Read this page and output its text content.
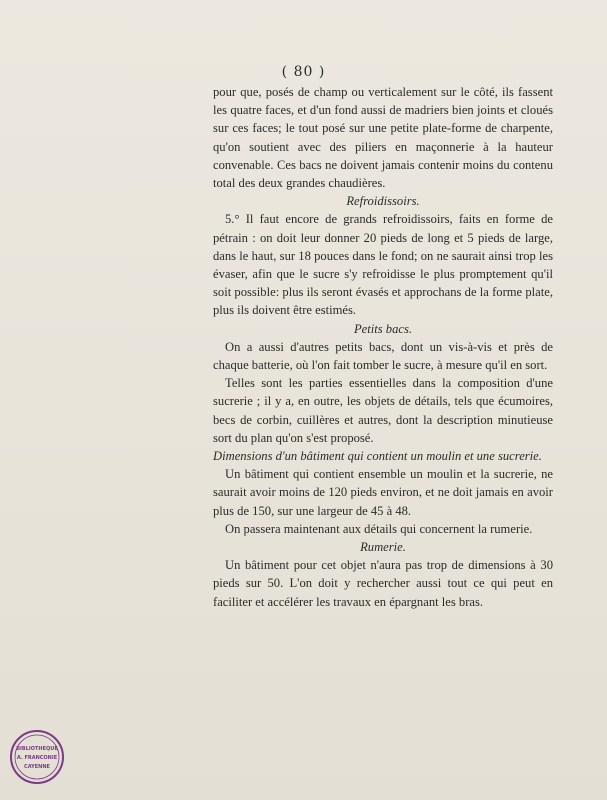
( 80 )

pour que, posés de champ ou verticalement sur le côté, ils fassent les quatre faces, et d'un fond aussi de madriers bien joints et cloués sur ces faces; le tout posé sur une petite plate-forme de charpente, qu'on soutient avec des piliers en maçonnerie à la hauteur convenable. Ces bacs ne doivent jamais contenir moins du contenu total des deux grandes chaudières.

Refroidissoirs.

5.° Il faut encore de grands refroidissoirs, faits en forme de pétrain : on doit leur donner 20 pieds de long et 5 pieds de large, dans le haut, sur 18 pouces dans le fond; on ne saurait ainsi trop les évaser, afin que le sucre s'y refroidisse le plus promptement qu'il soit possible: plus ils seront évasés et approchans de la forme plate, plus ils doivent être estimés.

Petits bacs.

On a aussi d'autres petits bacs, dont un vis-à-vis et près de chaque batterie, où l'on fait tomber le sucre, à mesure qu'il en sort.

Telles sont les parties essentielles dans la composition d'une sucrerie ; il y a, en outre, les objets de détails, tels que écumoires, becs de corbin, cuillères et autres, dont la description minutieuse sort du plan qu'on s'est proposé.

Dimensions d'un bâtiment qui contient un moulin et une sucrerie.

Un bâtiment qui contient ensemble un moulin et la sucrerie, ne saurait avoir moins de 120 pieds environ, et ne doit jamais en avoir plus de 150, sur une largeur de 45 à 48.

On passera maintenant aux détails qui concernent la rumerie.

Rumerie.

Un bâtiment pour cet objet n'aura pas trop de dimensions à 30 pieds sur 50. L'on doit y rechercher aussi tout ce qui peut en faciliter et accélérer les travaux en épargnant les bras.

BIBLIOTHEQUE
A. FRANCONIE
CAYENNE
